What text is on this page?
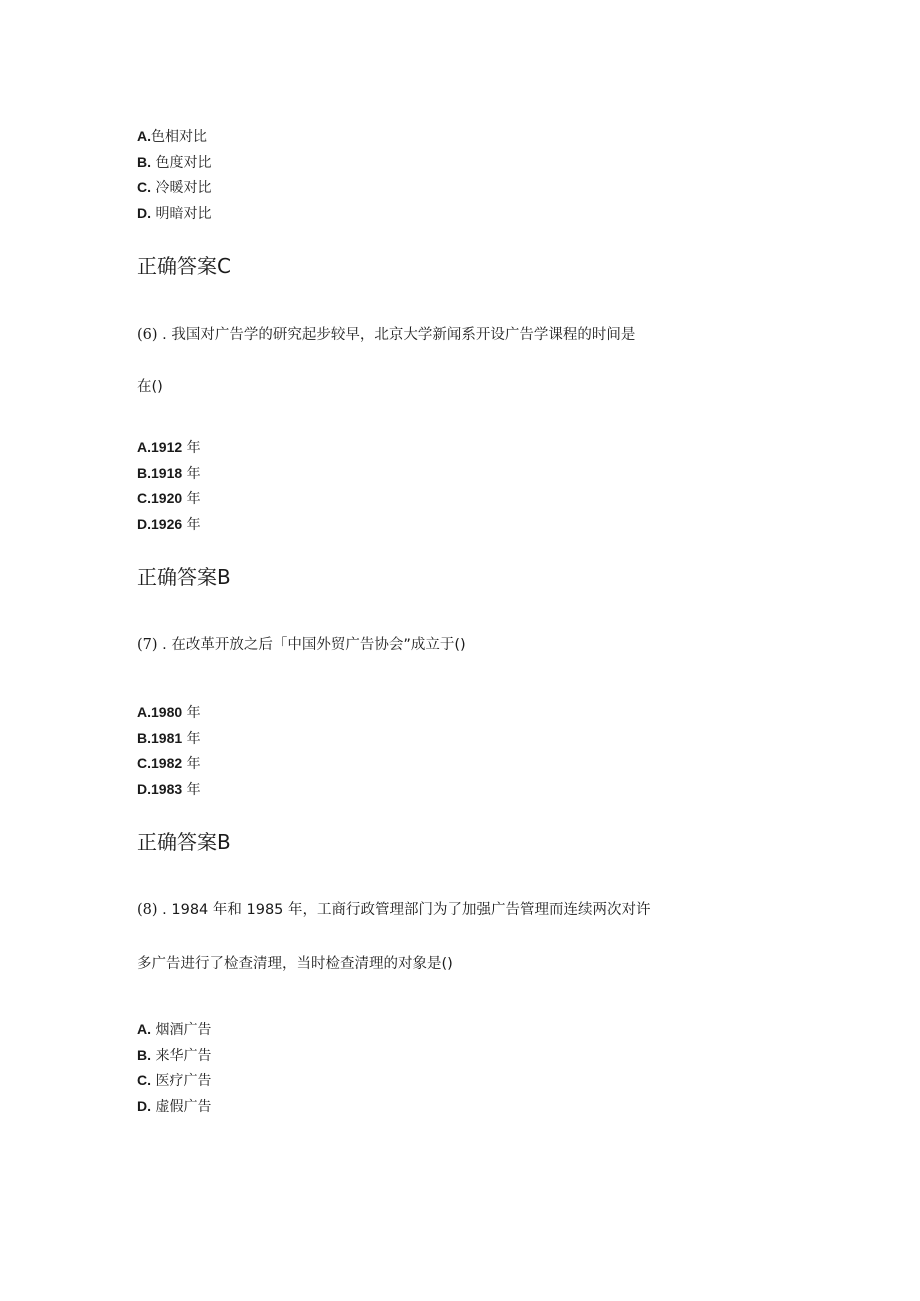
A.色相对比
B. 色度对比
C. 冷暖对比
D. 明暗对比
正确答案C
(6) . 我国对广告学的研究起步较早，北京大学新闻系开设广告学课程的时间是
在()
A.1912 年
B.1918 年
C.1920 年
D.1926 年
正确答案B
(7) . 在改革开放之后「中国外贸广告协会”成立于()
A.1980 年
B.1981 年
C.1982 年
D.1983 年
正确答案B
(8) . 1984 年和 1985 年，工商行政管理部门为了加强广告管理而连续两次对许
多广告进行了检查清理，当时检查清理的对象是()
A. 烟酒广告
B. 来华广告
C. 医疗广告
D. 虚假广告
